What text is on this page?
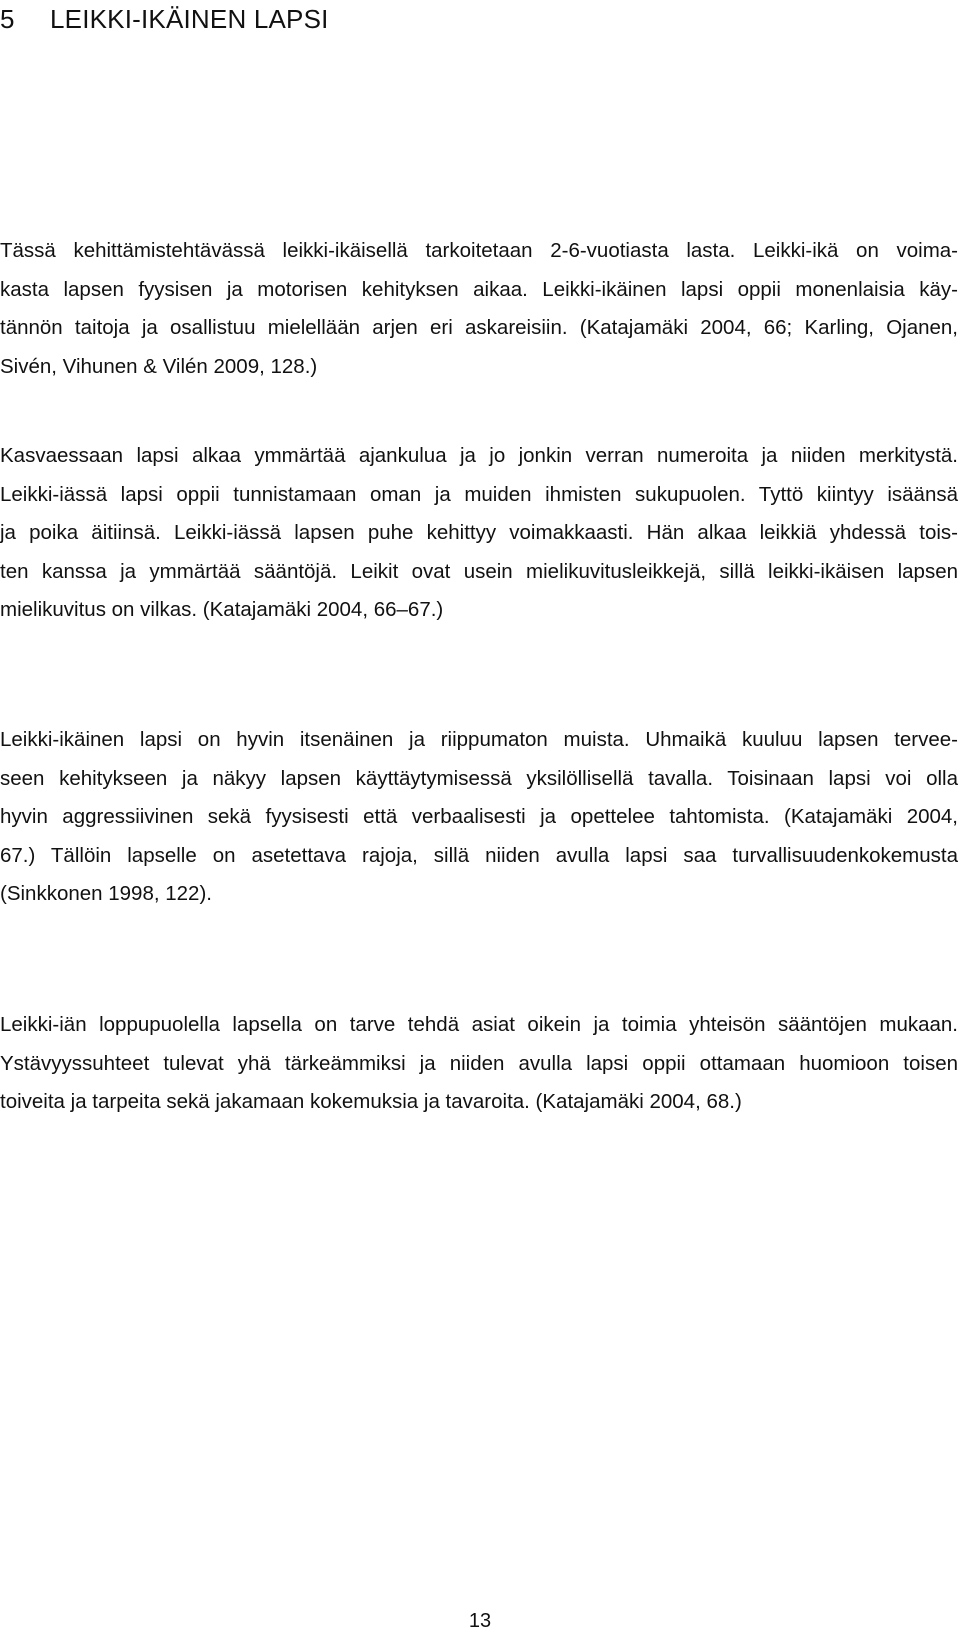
5 LEIKKI-IKÄINEN LAPSI
Tässä kehittämistehtävässä leikki-ikäisellä tarkoitetaan 2-6-vuotiasta lasta. Leikki-ikä on voima-
kasta lapsen fyysisen ja motorisen kehityksen aikaa. Leikki-ikäinen lapsi oppii monenlaisia käy-
tännön taitoja ja osallistuu mielellään arjen eri askareisiin. (Katajamäki 2004, 66; Karling, Ojanen,
Sivén, Vihunen & Vilén 2009, 128.)
Kasvaessaan lapsi alkaa ymmärtää ajankulua ja jo jonkin verran numeroita ja niiden merkitystä.
Leikki-iässä lapsi oppii tunnistamaan oman ja muiden ihmisten sukupuolen. Tyttö kiintyy isäänsä
ja poika äitiinsä. Leikki-iässä lapsen puhe kehittyy voimakkaasti. Hän alkaa leikkiä yhdessä tois-
ten kanssa ja ymmärtää sääntöjä. Leikit ovat usein mielikuvitusleikkejä, sillä leikki-ikäisen lapsen
mielikuvitus on vilkas. (Katajamäki 2004, 66–67.)
Leikki-ikäinen lapsi on hyvin itsenäinen ja riippumaton muista. Uhmaikä kuuluu lapsen tervee-
seen kehitykseen ja näkyy lapsen käyttäytymisessä yksilöllisellä tavalla. Toisinaan lapsi voi olla
hyvin aggressiivinen sekä fyysisesti että verbaalisesti ja opettelee tahtomista. (Katajamäki 2004,
67.) Tällöin lapselle on asetettava rajoja, sillä niiden avulla lapsi saa turvallisuudenkokemusta
(Sinkkonen 1998, 122).
Leikki-iän loppupuolella lapsella on tarve tehdä asiat oikein ja toimia yhteisön sääntöjen mukaan.
Ystävyyssuhteet tulevat yhä tärkeämmiksi ja niiden avulla lapsi oppii ottamaan huomioon toisen
toiveita ja tarpeita sekä jakamaan kokemuksia ja tavaroita. (Katajamäki 2004, 68.)
13
